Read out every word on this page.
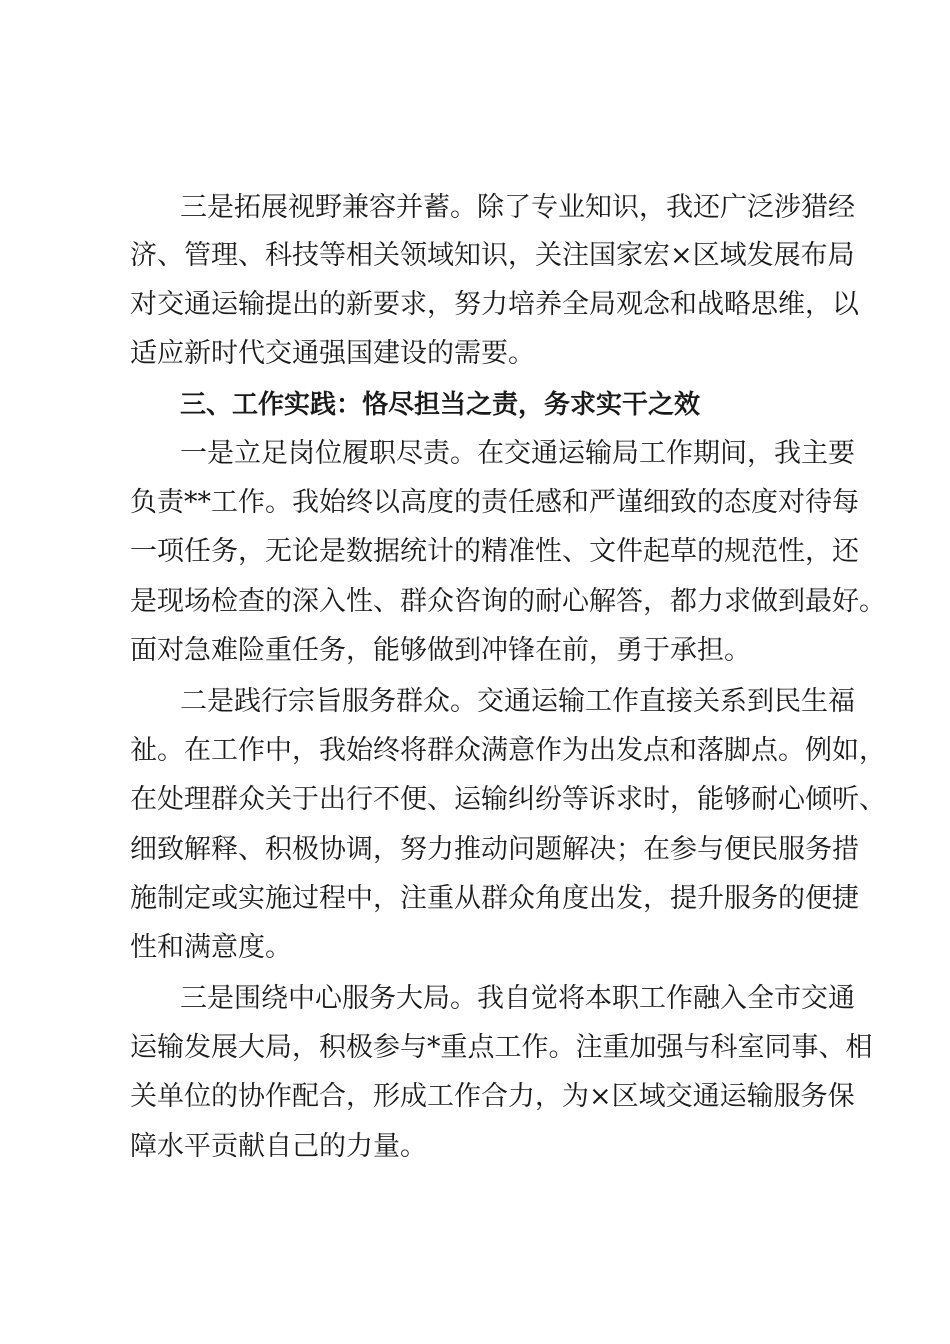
三是拓展视野兼容并蓄。除了专业知识，我还广泛涉猎经
济、管理、科技等相关领域知识，关注国家宏×区域发展布局
对交通运输提出的新要求，努力培养全局观念和战略思维，以
适应新时代交通强国建设的需要。
三、工作实践：恪尽担当之责，务求实干之效
一是立足岗位履职尽责。在交通运输局工作期间，我主要
负责**工作。我始终以高度的责任感和严谨细致的态度对待每
一项任务，无论是数据统计的精准性、文件起草的规范性，还
是现场检查的深入性、群众咨询的耐心解答，都力求做到最好。
面对急难险重任务，能够做到冲锋在前，勇于承担。
二是践行宗旨服务群众。交通运输工作直接关系到民生福
祉。在工作中，我始终将群众满意作为出发点和落脚点。例如，
在处理群众关于出行不便、运输纠纷等诉求时，能够耐心倾听、
细致解释、积极协调，努力推动问题解决；在参与便民服务措
施制定或实施过程中，注重从群众角度出发，提升服务的便捷
性和满意度。
三是围绕中心服务大局。我自觉将本职工作融入全市交通
运输发展大局，积极参与*重点工作。注重加强与科室同事、相
关单位的协作配合，形成工作合力，为×区域交通运输服务保
障水平贡献自己的力量。
